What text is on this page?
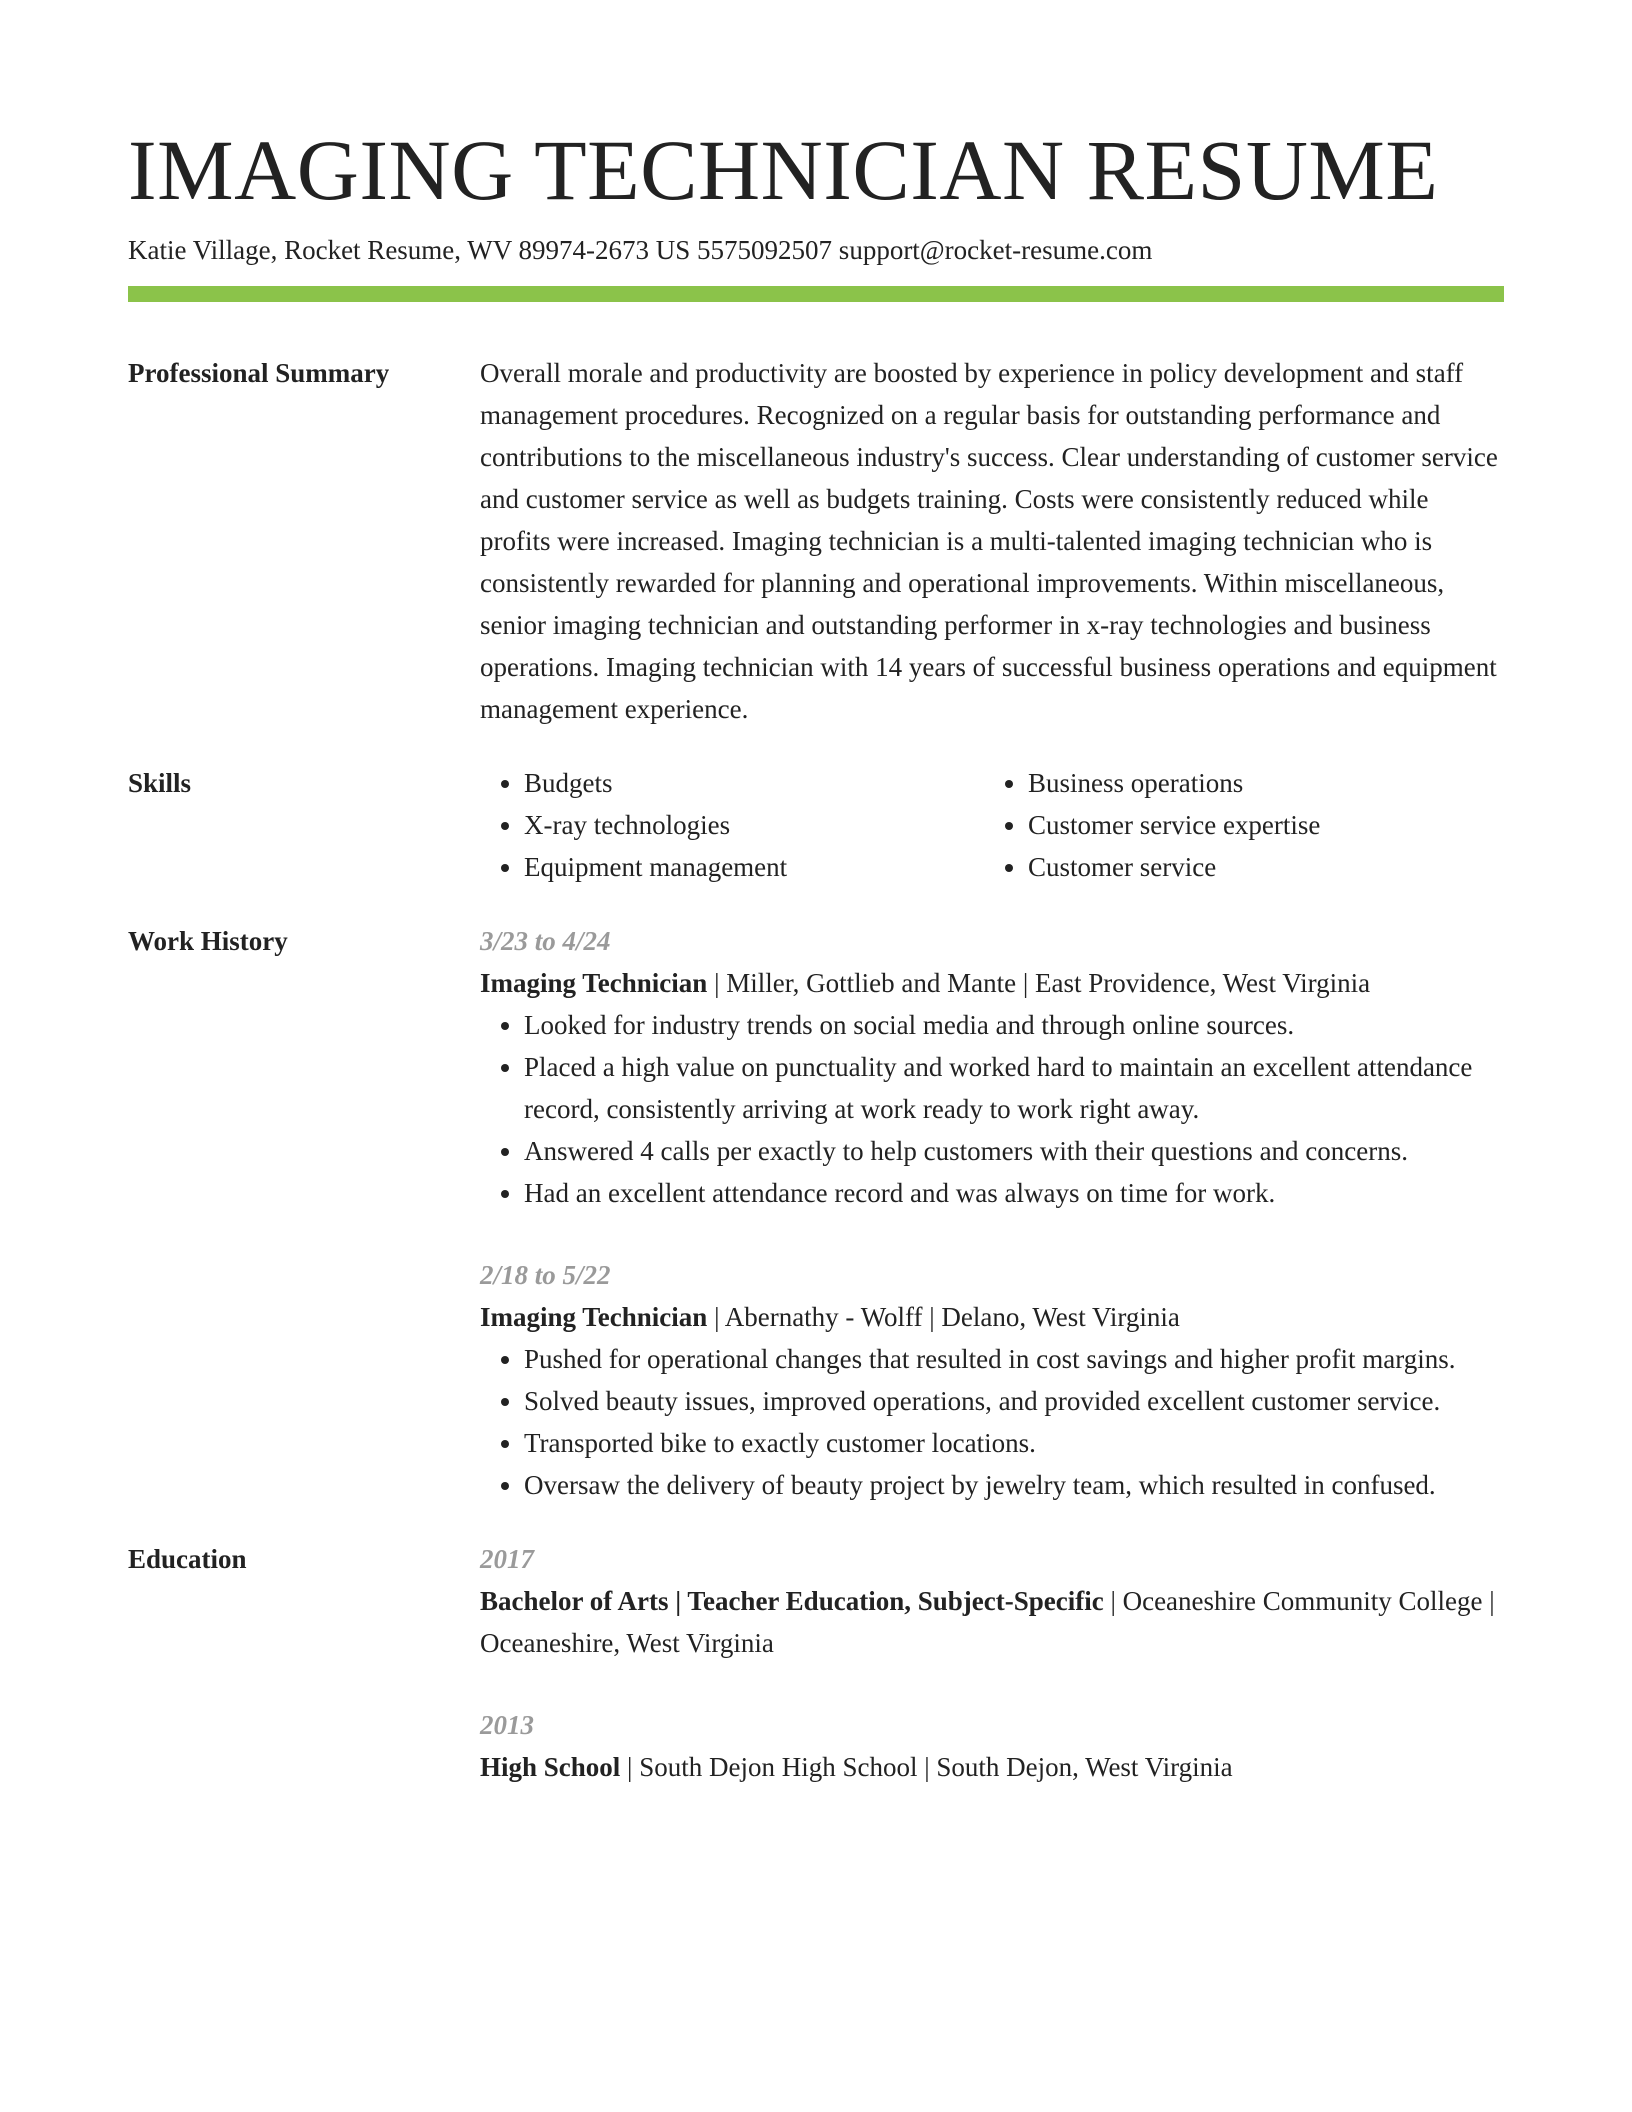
IMAGING TECHNICIAN RESUME
Katie Village, Rocket Resume, WV 89974-2673 US 5575092507 support@rocket-resume.com
Professional Summary	Overall morale and productivity are boosted by experience in policy development and staff management procedures. Recognized on a regular basis for outstanding performance and contributions to the miscellaneous industry's success. Clear understanding of customer service and customer service as well as budgets training. Costs were consistently reduced while profits were increased. Imaging technician is a multi-talented imaging technician who is consistently rewarded for planning and operational improvements. Within miscellaneous, senior imaging technician and outstanding performer in x-ray technologies and business operations. Imaging technician with 14 years of successful business operations and equipment management experience.
Skills
•	Budgets
• X-ray technologies
• Equipment management
• Business operations
• Customer service expertise
• Customer service
Work History	3/23 to 4/24
Imaging Technician | Miller, Gottlieb and Mante | East Providence, West Virginia
• Looked for industry trends on social media and through online sources.
• Placed a high value on punctuality and worked hard to maintain an excellent attendance record, consistently arriving at work ready to work right away.
• Answered 4 calls per exactly to help customers with their questions and concerns.
• Had an excellent attendance record and was always on time for work.
2/18 to 5/22
Imaging Technician | Abernathy - Wolff | Delano, West Virginia
• Pushed for operational changes that resulted in cost savings and higher profit margins.
• Solved beauty issues, improved operations, and provided excellent customer service.
• Transported bike to exactly customer locations.
• Oversaw the delivery of beauty project by jewelry team, which resulted in confused.
Education	2017
Bachelor of Arts | Teacher Education, Subject-Specific | Oceaneshire Community College | Oceaneshire, West Virginia
2013
High School | South Dejon High School | South Dejon, West Virginia
